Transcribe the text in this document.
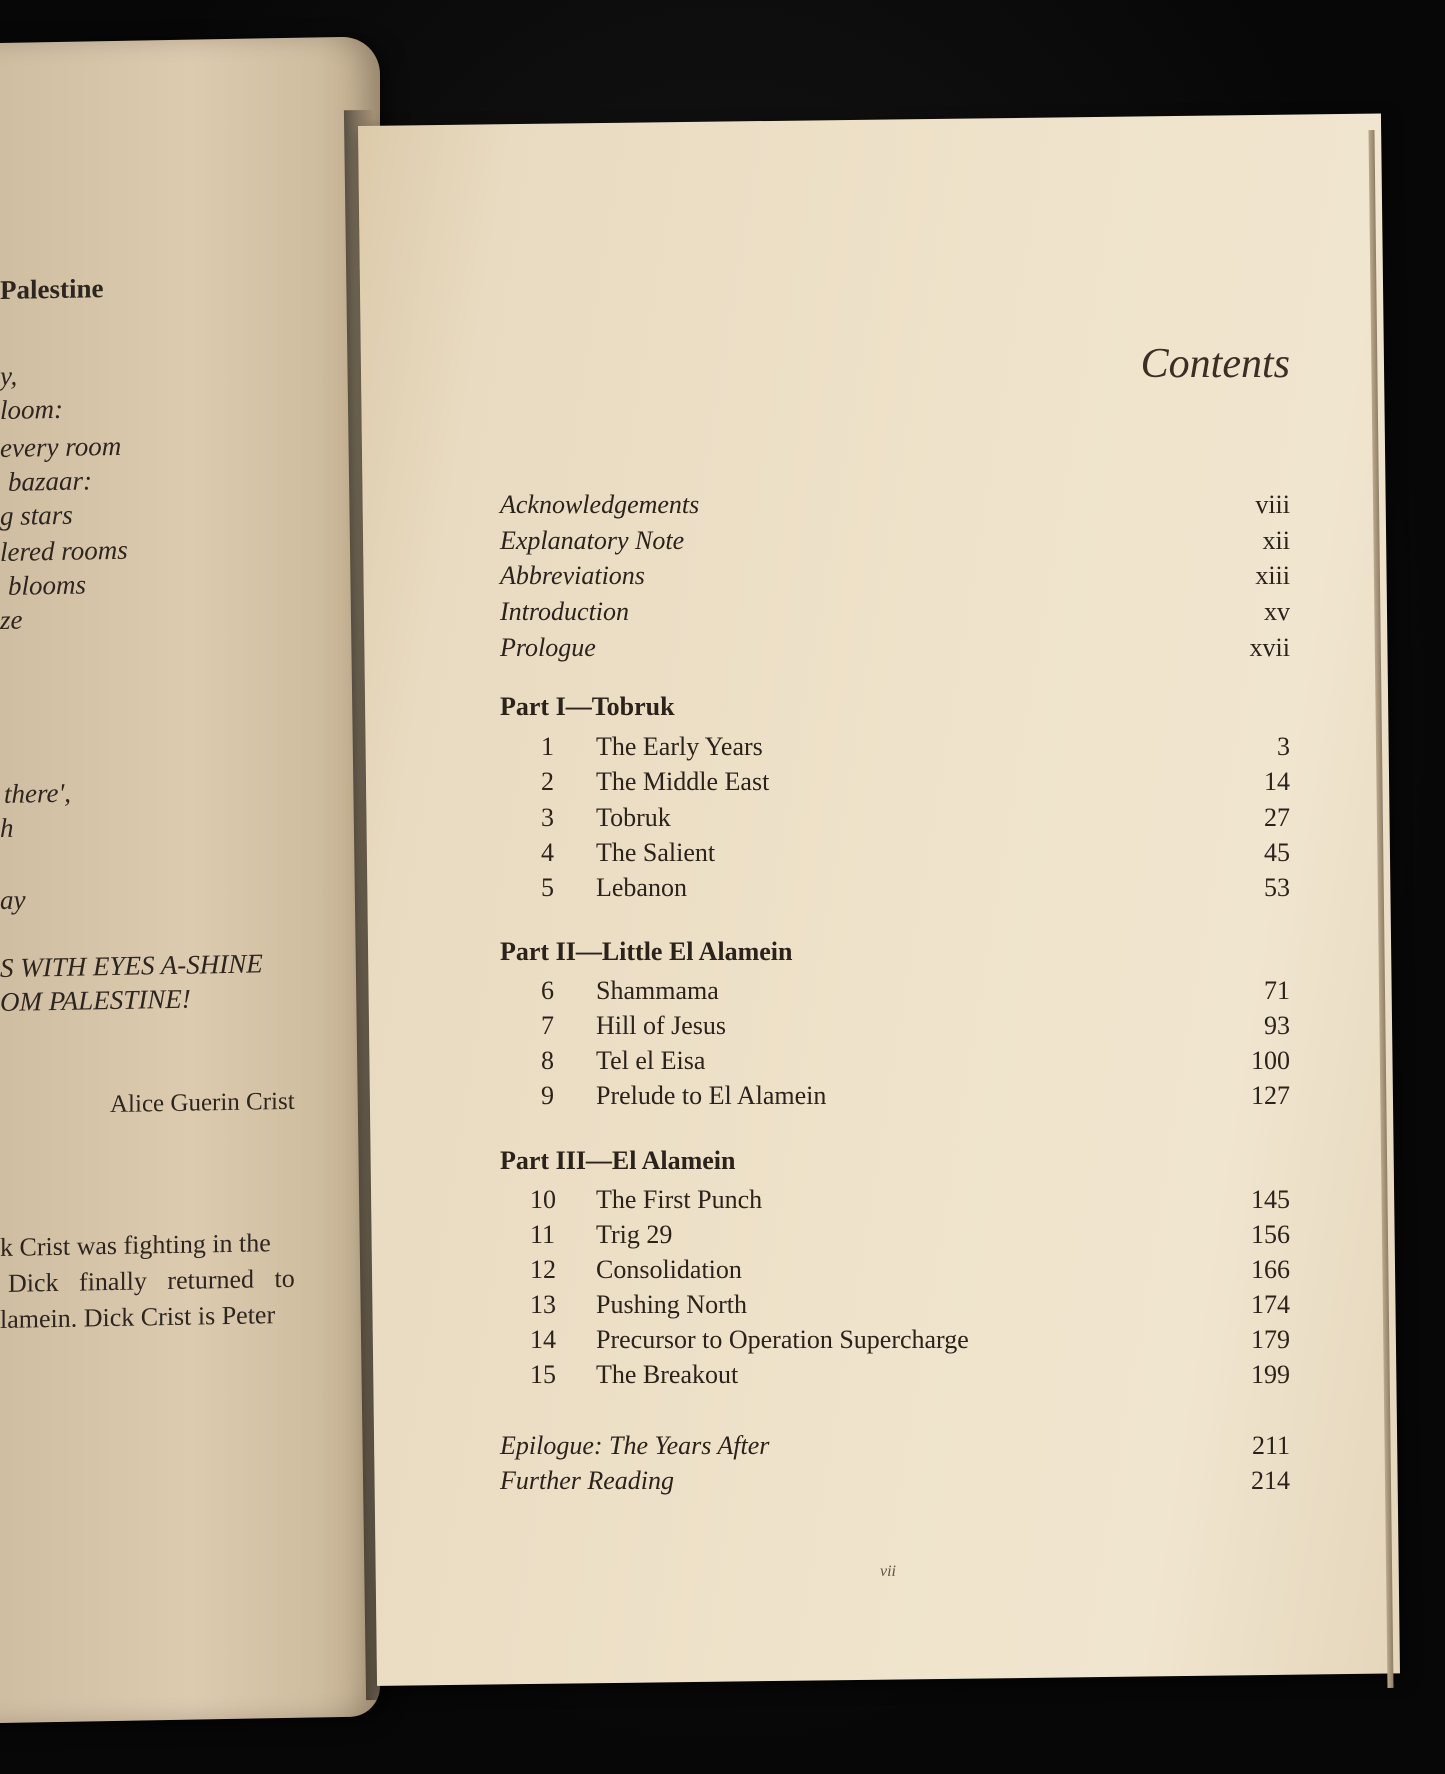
Palestine
y,
loom:
every room
bazaar:
g stars
lered rooms
blooms
ze
there',
h
ay
S WITH EYES A-SHINE
OM PALESTINE!
Alice Guerin Crist
k Crist was fighting in the
Dick finally returned to
lamein. Dick Crist is Peter
Contents
Acknowledgements	viii
Explanatory Note	xii
Abbreviations	xiii
Introduction	xv
Prologue	xvii
Part I—Tobruk
1 The Early Years	3
2 The Middle East	14
3 Tobruk	27
4 The Salient	45
5 Lebanon	53
Part II—Little El Alamein
6 Shammama	71
7 Hill of Jesus	93
8 Tel el Eisa	100
9 Prelude to El Alamein	127
Part III—El Alamein
10 The First Punch	145
11 Trig 29	156
12 Consolidation	166
13 Pushing North	174
14 Precursor to Operation Supercharge	179
15 The Breakout	199
Epilogue: The Years After	211
Further Reading	214
vii
